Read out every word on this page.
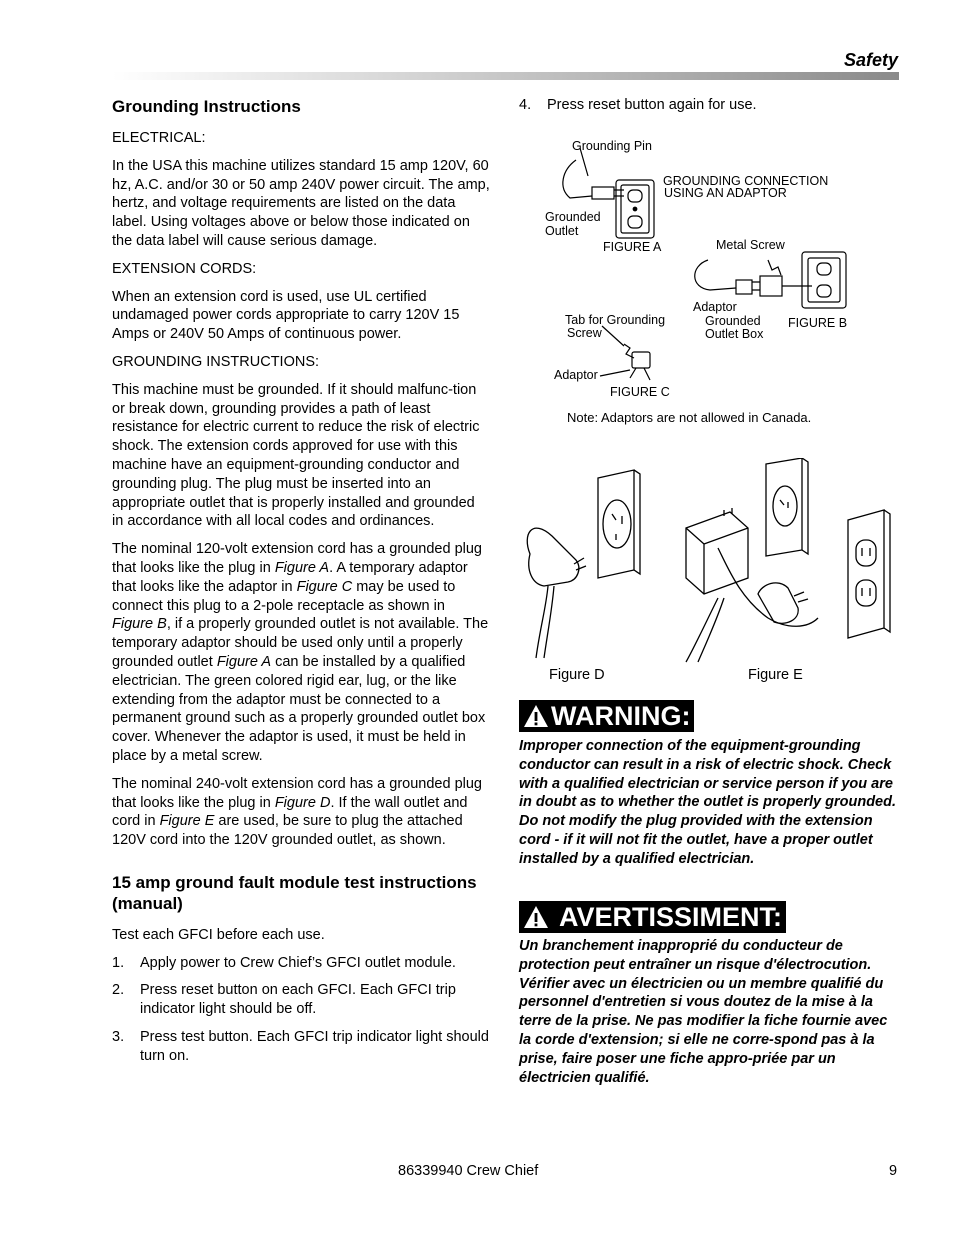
Safety
Grounding Instructions

ELECTRICAL:

In the USA this machine utilizes standard 15 amp 120V, 60 hz, A.C. and/or 30 or 50 amp 240V power circuit. The amp, hertz, and voltage requirements are listed on the data label. Using voltages above or below those indicated on the data label will cause serious damage.

EXTENSION CORDS:

When an extension cord is used, use UL certified undamaged power cords appropriate to carry 120V 15 Amps or 240V 50 Amps of continuous power.

GROUNDING INSTRUCTIONS:

This machine must be grounded. If it should malfunc-tion or break down, grounding provides a path of least resistance for electric current to reduce the risk of electric shock. The extension cords approved for use with this machine have an equipment-grounding conductor and grounding plug. The plug must be inserted into an appropriate outlet that is properly installed and grounded in accordance with all local codes and ordinances.

The nominal 120-volt extension cord has a grounded plug that looks like the plug in Figure A. A temporary adaptor that looks like the adaptor in Figure C may be used to connect this plug to a 2-pole receptacle as shown in Figure B, if a properly grounded outlet is not available. The temporary adaptor should be used only until a properly grounded outlet Figure A can be installed by a qualified electrician. The green colored rigid ear, lug, or the like extending from the adaptor must be connected to a permanent ground such as a properly grounded outlet box cover. Whenever the adaptor is used, it must be held in place by a metal screw.

The nominal 240-volt extension cord has a grounded plug that looks like the plug in Figure D. If the wall outlet and cord in Figure E are used, be sure to plug the attached 120V cord into the 120V grounded outlet, as shown.

15 amp ground fault module test instructions (manual)

Test each GFCI before each use.

1. Apply power to Crew Chief’s GFCI outlet module.
2. Press reset button on each GFCI. Each GFCI trip indicator light should be off.
3. Press test button. Each GFCI trip indicator light should turn on.
4. Press reset button again for use.
Grounding Pin
GROUNDING CONNECTION
USING AN ADAPTOR
Grounded
Outlet
FIGURE A	Metal Screw
Adaptor
Grounded
Outlet Box
FIGURE B
Tab for Grounding
Screw
Adaptor
FIGURE C
Note: Adaptors are not allowed in Canada.
Figure D	Figure E
WARNING:

Improper connection of the equipment-grounding conductor can result in a risk of electric shock. Check with a qualified electrician or service person if you are in doubt as to whether the outlet is properly grounded. Do not modify the plug provided with the extension cord - if it will not fit the outlet, have a proper outlet installed by a qualified electrician.

AVERTISSIMENT:

Un branchement inapproprié du conducteur de protection peut entraîner un risque d'électrocution. Vérifier avec un électricien ou un membre qualifié du personnel d'entretien si vous doutez de la mise à la terre de la prise. Ne pas modifier la fiche fournie avec la corde d'extension; si elle ne corre-spond pas à la prise, faire poser une fiche appro-priée par un électricien qualifié.

86339940 Crew Chief	9
